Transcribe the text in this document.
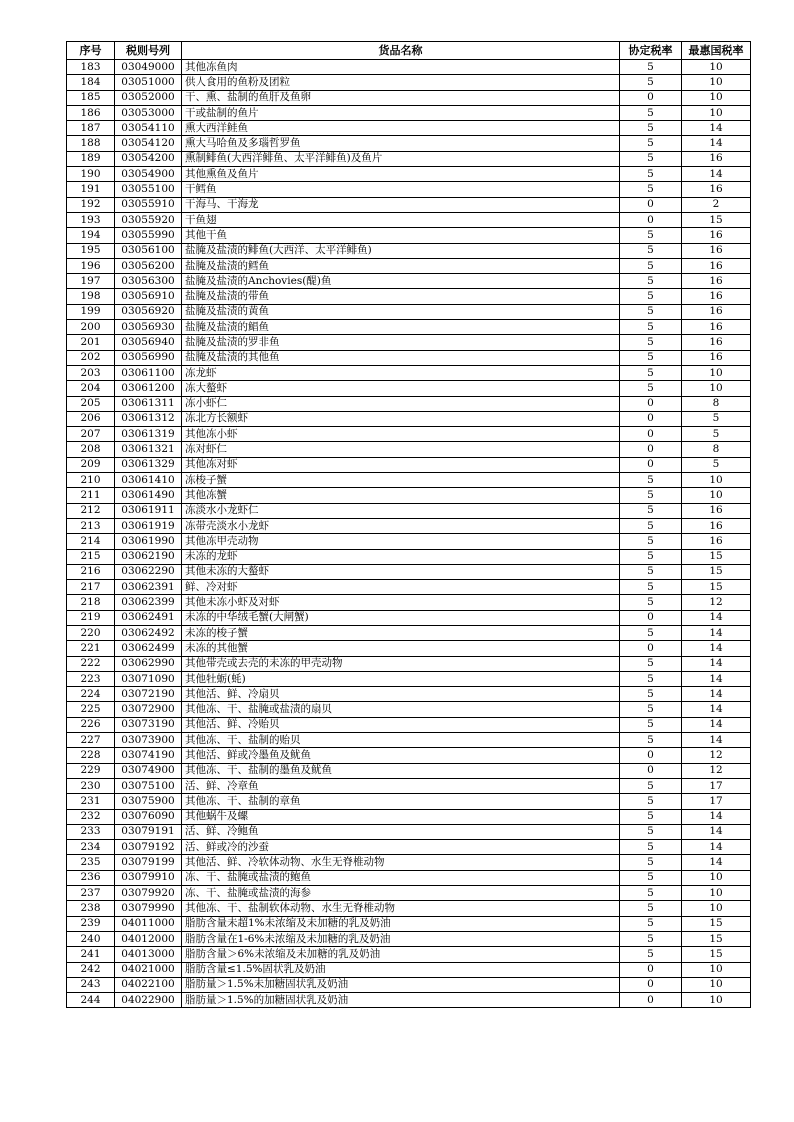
序号	税则号列	货品名称	协定税率	最惠国税率
183	03049000	其他冻鱼肉	5	10
184	03051000	供人食用的鱼粉及团粒	5	10
185	03052000	干、熏、盐制的鱼肝及鱼卵	0	10
186	03053000	干或盐制的鱼片	5	10
187	03054110	熏大西洋鲑鱼	5	14
188	03054120	熏大马哈鱼及多瑙哲罗鱼	5	14
189	03054200	熏制鲱鱼(大西洋鲱鱼、太平洋鲱鱼)及鱼片	5	16
190	03054900	其他熏鱼及鱼片	5	14
191	03055100	干鳕鱼	5	16
192	03055910	干海马、干海龙	0	2
193	03055920	干鱼翅	0	15
194	03055990	其他干鱼	5	16
195	03056100	盐腌及盐渍的鲱鱼(大西洋、太平洋鲱鱼)	5	16
196	03056200	盐腌及盐渍的鳕鱼	5	16
197	03056300	盐腌及盐渍的Anchovies(醍)鱼	5	16
198	03056910	盐腌及盐渍的带鱼	5	16
199	03056920	盐腌及盐渍的黄鱼	5	16
200	03056930	盐腌及盐渍的鲳鱼	5	16
201	03056940	盐腌及盐渍的罗非鱼	5	16
202	03056990	盐腌及盐渍的其他鱼	5	16
203	03061100	冻龙虾	5	10
204	03061200	冻大螯虾	5	10
205	03061311	冻小虾仁	0	8
206	03061312	冻北方长额虾	0	5
207	03061319	其他冻小虾	0	5
208	03061321	冻对虾仁	0	8
209	03061329	其他冻对虾	0	5
210	03061410	冻梭子蟹	5	10
211	03061490	其他冻蟹	5	10
212	03061911	冻淡水小龙虾仁	5	16
213	03061919	冻带壳淡水小龙虾	5	16
214	03061990	其他冻甲壳动物	5	16
215	03062190	未冻的龙虾	5	15
216	03062290	其他未冻的大螯虾	5	15
217	03062391	鲜、冷对虾	5	15
218	03062399	其他未冻小虾及对虾	5	12
219	03062491	未冻的中华绒毛蟹(大闸蟹)	0	14
220	03062492	未冻的梭子蟹	5	14
221	03062499	未冻的其他蟹	0	14
222	03062990	其他带壳或去壳的未冻的甲壳动物	5	14
223	03071090	其他牡蛎(蚝)	5	14
224	03072190	其他活、鲜、冷扇贝	5	14
225	03072900	其他冻、干、盐腌或盐渍的扇贝	5	14
226	03073190	其他活、鲜、冷贻贝	5	14
227	03073900	其他冻、干、盐制的贻贝	5	14
228	03074190	其他活、鲜或冷墨鱼及鱿鱼	0	12
229	03074900	其他冻、干、盐制的墨鱼及鱿鱼	0	12
230	03075100	活、鲜、冷章鱼	5	17
231	03075900	其他冻、干、盐制的章鱼	5	17
232	03076090	其他蜗牛及螺	5	14
233	03079191	活、鲜、冷鲍鱼	5	14
234	03079192	活、鲜或冷的沙蚕	5	14
235	03079199	其他活、鲜、冷软体动物、水生无脊椎动物	5	14
236	03079910	冻、干、盐腌或盐渍的鲍鱼	5	10
237	03079920	冻、干、盐腌或盐渍的海参	5	10
238	03079990	其他冻、干、盐制软体动物、水生无脊椎动物	5	10
239	04011000	脂肪含量未超1%未浓缩及未加糖的乳及奶油	5	15
240	04012000	脂肪含量在1-6%未浓缩及未加糖的乳及奶油	5	15
241	04013000	脂肪含量＞6%未浓缩及未加糖的乳及奶油	5	15
242	04021000	脂肪含量≤1.5%固状乳及奶油	0	10
243	04022100	脂肪量＞1.5%未加糖固状乳及奶油	0	10
244	04022900	脂肪量＞1.5%的加糖固状乳及奶油	0	10
